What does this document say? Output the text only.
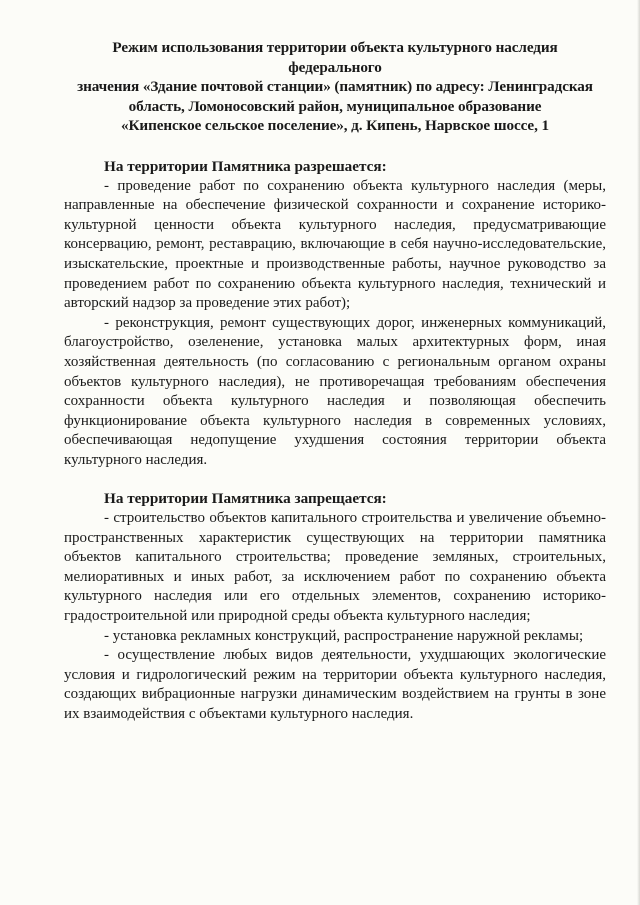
Режим использования территории объекта культурного наследия федерального
значения «Здание почтовой станции» (памятник) по адресу: Ленинградская
область, Ломоносовский район, муниципальное образование
«Кипенское сельское поселение», д. Кипень, Нарвское шоссе, 1

На территории Памятника разрешается:

- проведение работ по сохранению объекта культурного наследия (меры, направленные на обеспечение физической сохранности и сохранение историко-культурной ценности объекта культурного наследия, предусматривающие консервацию, ремонт, реставрацию, включающие в себя научно-исследовательские, изыскательские, проектные и производственные работы, научное руководство за проведением работ по сохранению объекта культурного наследия, технический и авторский надзор за проведение этих работ);

- реконструкция, ремонт существующих дорог, инженерных коммуникаций, благоустройство, озеленение, установка малых архитектурных форм, иная хозяйственная деятельность (по согласованию с региональным органом охраны объектов культурного наследия), не противоречащая требованиям обеспечения сохранности объекта культурного наследия и позволяющая обеспечить функционирование объекта культурного наследия в современных условиях, обеспечивающая недопущение ухудшения состояния территории объекта культурного наследия.

На территории Памятника запрещается:

- строительство объектов капитального строительства и увеличение объемно-пространственных характеристик существующих на территории памятника объектов капитального строительства; проведение земляных, строительных, мелиоративных и иных работ, за исключением работ по сохранению объекта культурного наследия или его отдельных элементов, сохранению историко-градостроительной или природной среды объекта культурного наследия;

- установка рекламных конструкций, распространение наружной рекламы;

- осуществление любых видов деятельности, ухудшающих экологические условия и гидрологический режим на территории объекта культурного наследия, создающих вибрационные нагрузки динамическим воздействием на грунты в зоне их взаимодействия с объектами культурного наследия.
